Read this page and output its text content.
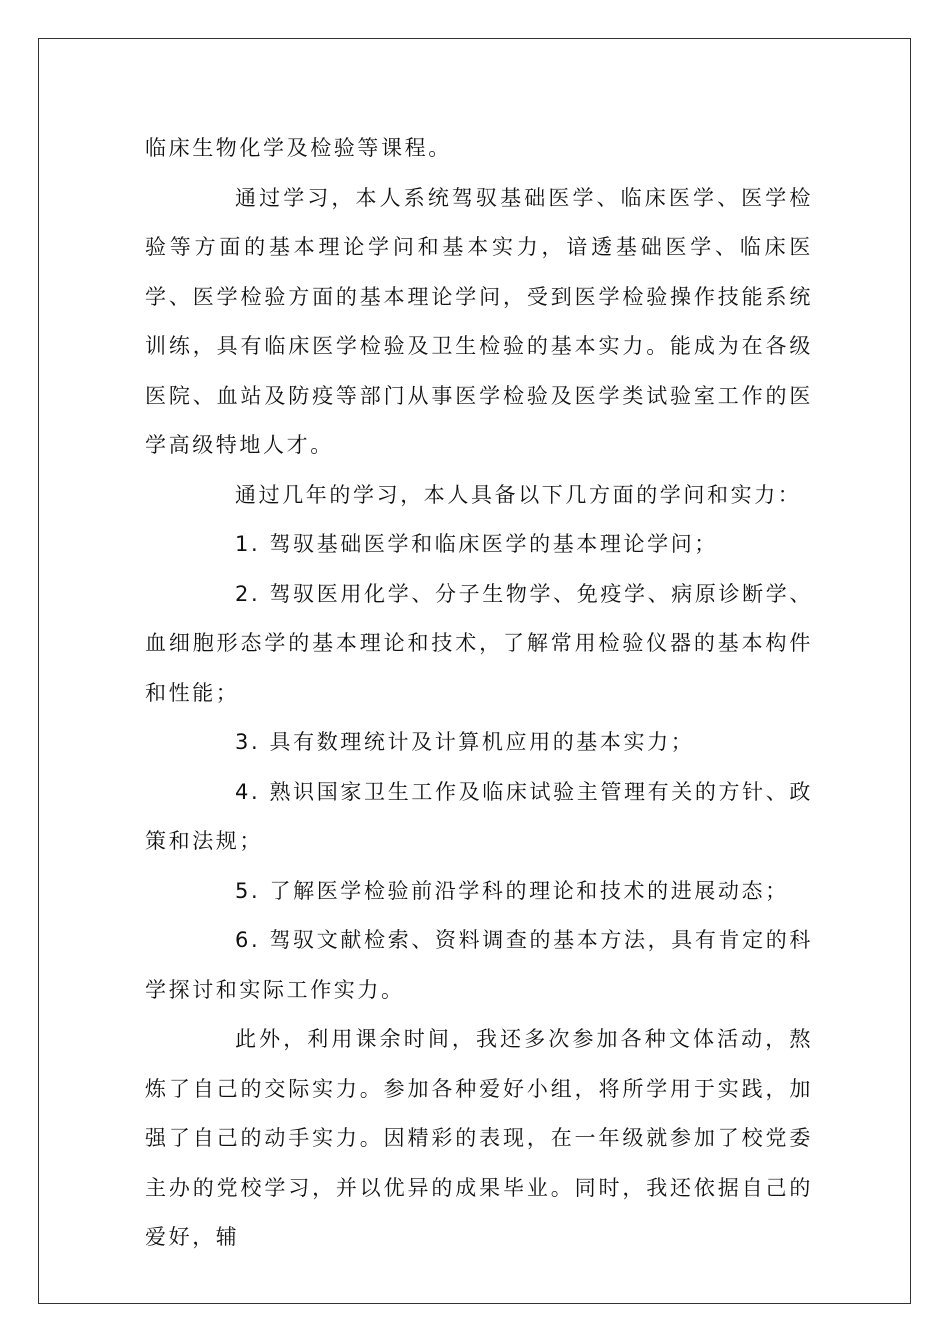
临床生物化学及检验等课程。

通过学习，本人系统驾驭基础医学、临床医学、医学检验等方面的基本理论学问和基本实力，谙透基础医学、临床医学、医学检验方面的基本理论学问，受到医学检验操作技能系统训练，具有临床医学检验及卫生检验的基本实力。能成为在各级医院、血站及防疫等部门从事医学检验及医学类试验室工作的医学高级特地人才。

通过几年的学习，本人具备以下几方面的学问和实力：

1. 驾驭基础医学和临床医学的基本理论学问；

2. 驾驭医用化学、分子生物学、免疫学、病原诊断学、血细胞形态学的基本理论和技术，了解常用检验仪器的基本构件和性能；

3. 具有数理统计及计算机应用的基本实力；

4. 熟识国家卫生工作及临床试验主管理有关的方针、政策和法规；

5. 了解医学检验前沿学科的理论和技术的进展动态；

6. 驾驭文献检索、资料调查的基本方法，具有肯定的科学探讨和实际工作实力。

此外，利用课余时间，我还多次参加各种文体活动，熬炼了自己的交际实力。参加各种爱好小组，将所学用于实践，加强了自己的动手实力。因精彩的表现，在一年级就参加了校党委主办的党校学习，并以优异的成果毕业。同时，我还依据自己的爱好，辅
